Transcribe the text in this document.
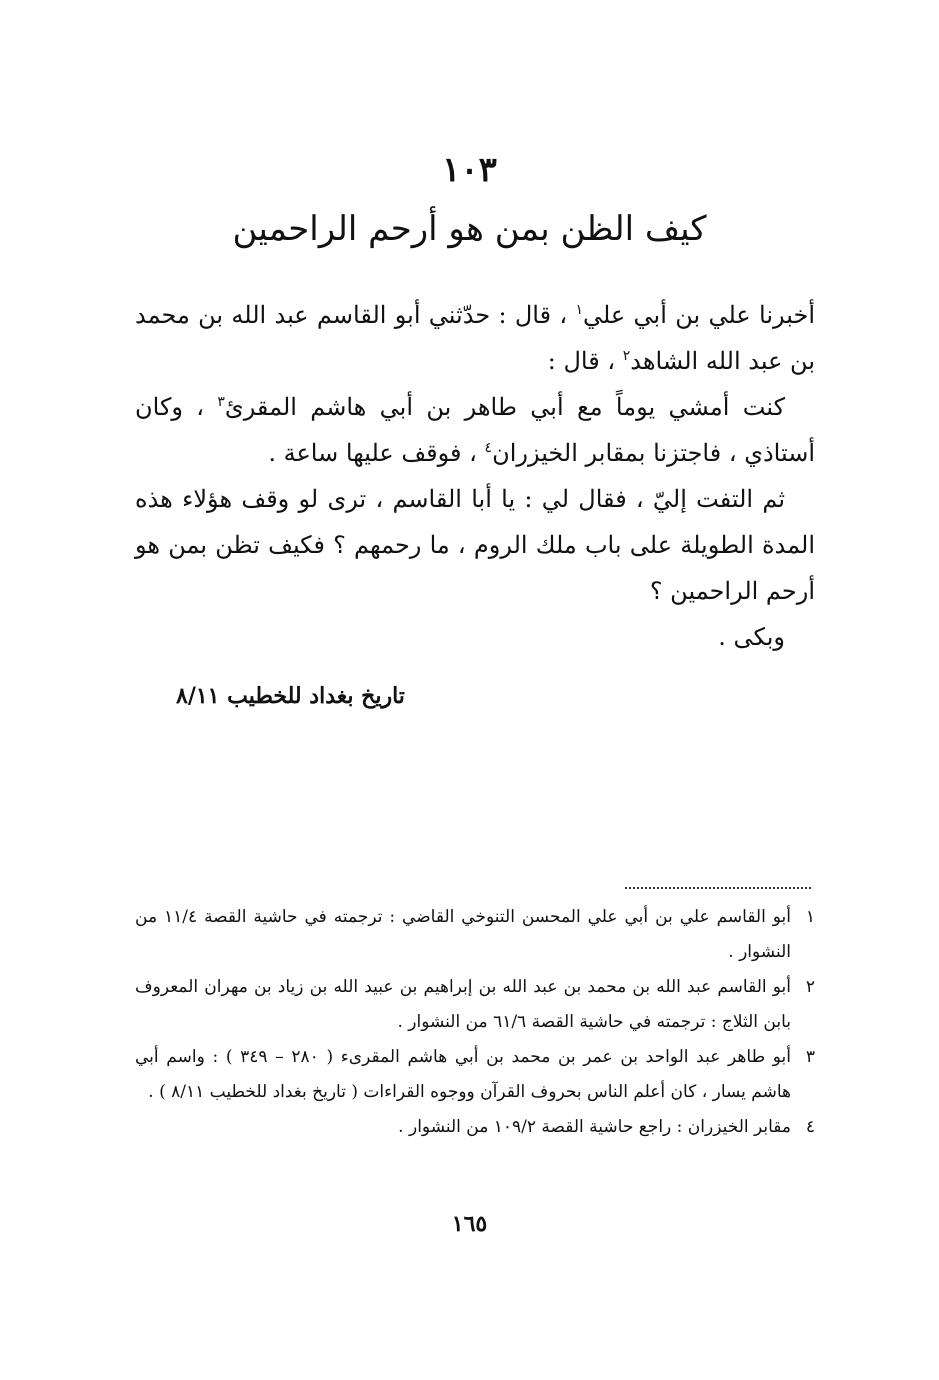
١٠٣
كيف الظن بمن هو أرحم الراحمين

أخبرنا علي بن أبي علي$^١$ ، قال : حدّثني أبو القاسم عبد الله بن محمد بن عبد الله الشاهد$^٢$ ، قال :

كنت أمشي يوماً مع أبي طاهر بن أبي هاشم المقرئ$^٣$ ، وكان أستاذي ، فاجتزنا بمقابر الخيزران$^٤$ ، فوقف عليها ساعة .

ثم التفت إليّ ، فقال لي : يا أبا القاسم ، ترى لو وقف هؤلاء هذه المدة الطويلة على باب ملك الروم ، ما رحمهم ؟ فكيف تظن بمن هو أرحم الراحمين ؟

وبكى .

تاريخ بغداد للخطيب ٨/١١
١
أبو القاسم علي بن أبي علي المحسن التنوخي القاضي : ترجمته في حاشية القصة ١١/٤ من النشوار .
٢
أبو القاسم عبد الله بن محمد بن عبد الله بن إبراهيم بن عبيد الله بن زياد بن مهران المعروف بابن الثلاج : ترجمته في حاشية القصة ٦١/٦ من النشوار .
٣
أبو طاهر عبد الواحد بن عمر بن محمد بن أبي هاشم المقرىء ( ٢٨٠ – ٣٤٩ ) : واسم أبي هاشم يسار ، كان أعلم الناس بحروف القرآن ووجوه القراءات ( تاريخ بغداد للخطيب ٨/١١ ) .
٤
مقابر الخيزران : راجع حاشية القصة ١٠٩/٢ من النشوار .
١٦٥
